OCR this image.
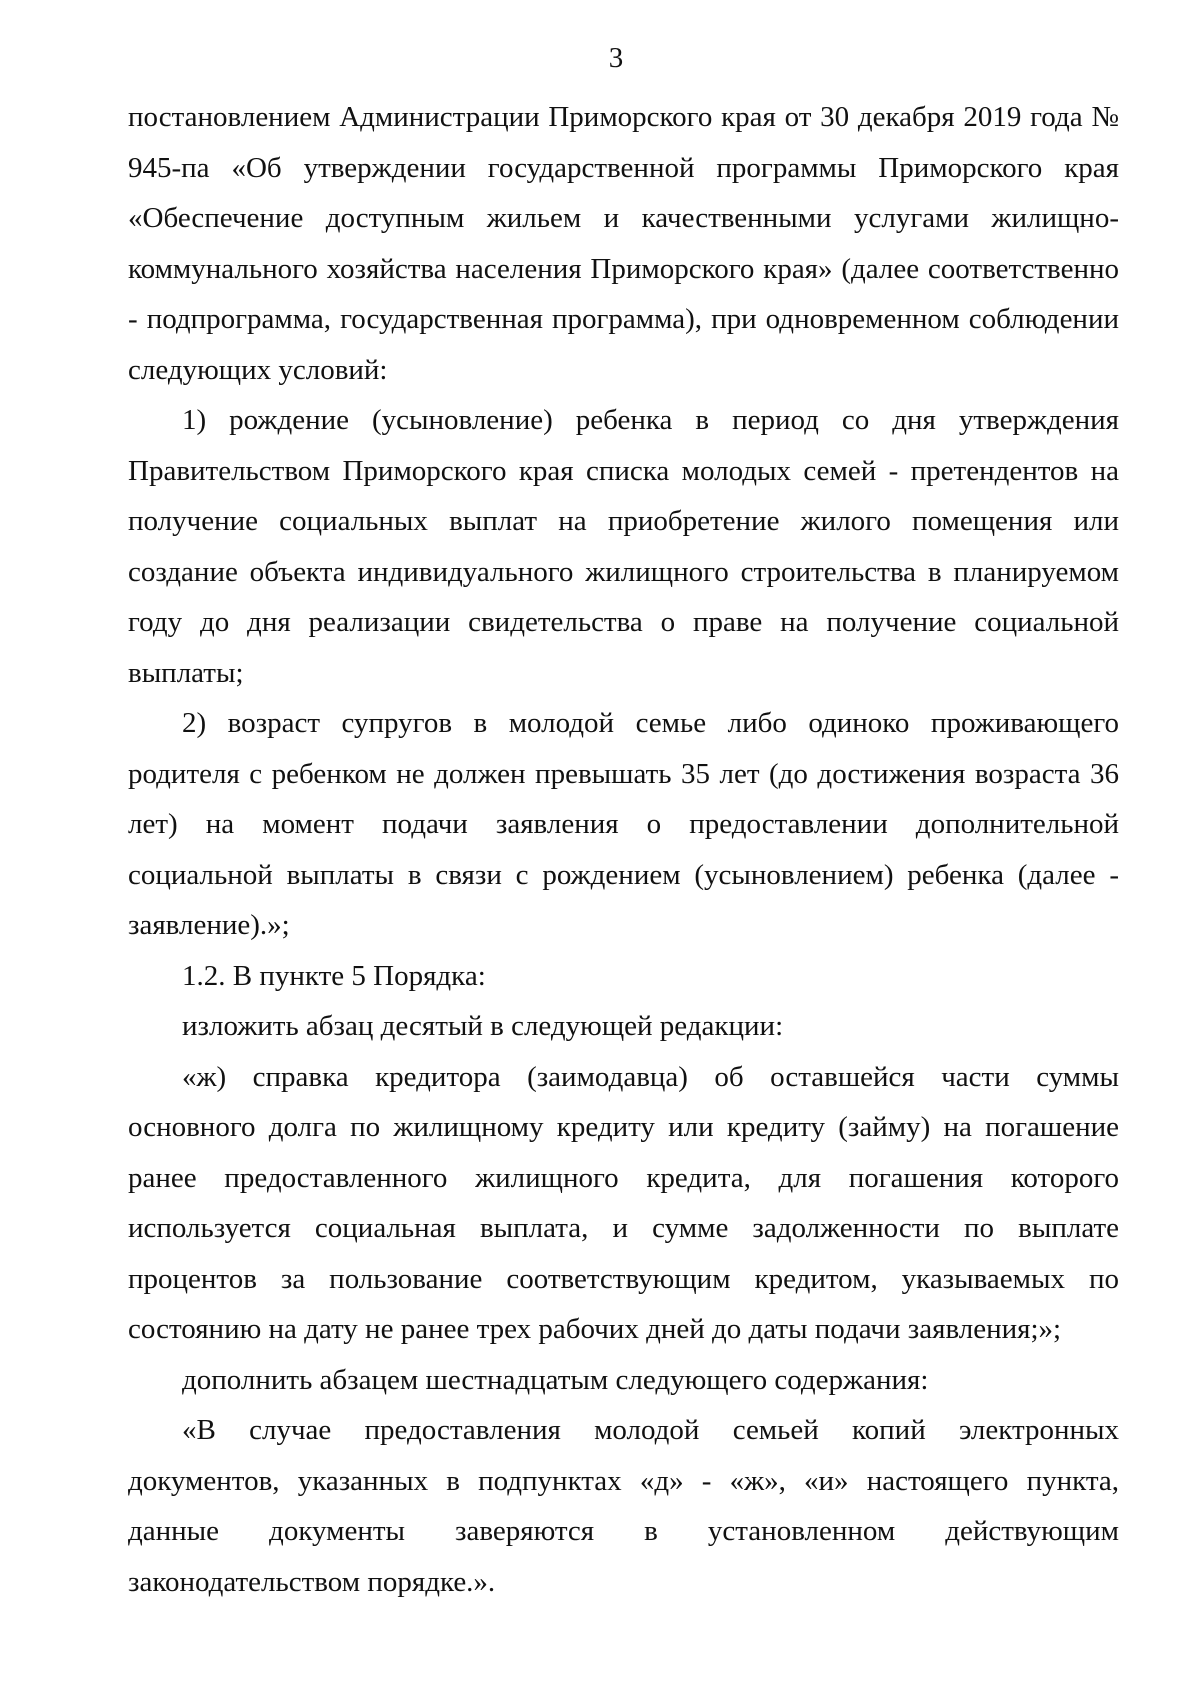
3

постановлением Администрации Приморского края от 30 декабря 2019 года № 945-па «Об утверждении государственной программы Приморского края «Обеспечение доступным жильем и качественными услугами жилищно-коммунального хозяйства населения Приморского края» (далее соответственно - подпрограмма, государственная программа), при одновременном соблюдении следующих условий:

1) рождение (усыновление) ребенка в период со дня утверждения Правительством Приморского края списка молодых семей - претендентов на получение социальных выплат на приобретение жилого помещения или создание объекта индивидуального жилищного строительства в планируемом году до дня реализации свидетельства о праве на получение социальной выплаты;

2) возраст супругов в молодой семье либо одиноко проживающего родителя с ребенком не должен превышать 35 лет (до достижения возраста 36 лет) на момент подачи заявления о предоставлении дополнительной социальной выплаты в связи с рождением (усыновлением) ребенка (далее - заявление).»;

1.2. В пункте 5 Порядка:

изложить абзац десятый в следующей редакции:

«ж) справка кредитора (заимодавца) об оставшейся части суммы основного долга по жилищному кредиту или кредиту (займу) на погашение ранее предоставленного жилищного кредита, для погашения которого используется социальная выплата, и сумме задолженности по выплате процентов за пользование соответствующим кредитом, указываемых по состоянию на дату не ранее трех рабочих дней до даты подачи заявления;»;

дополнить абзацем шестнадцатым следующего содержания:

«В случае предоставления молодой семьей копий электронных документов, указанных в подпунктах «д» - «ж», «и» настоящего пункта, данные документы заверяются в установленном действующим законодательством порядке.».
